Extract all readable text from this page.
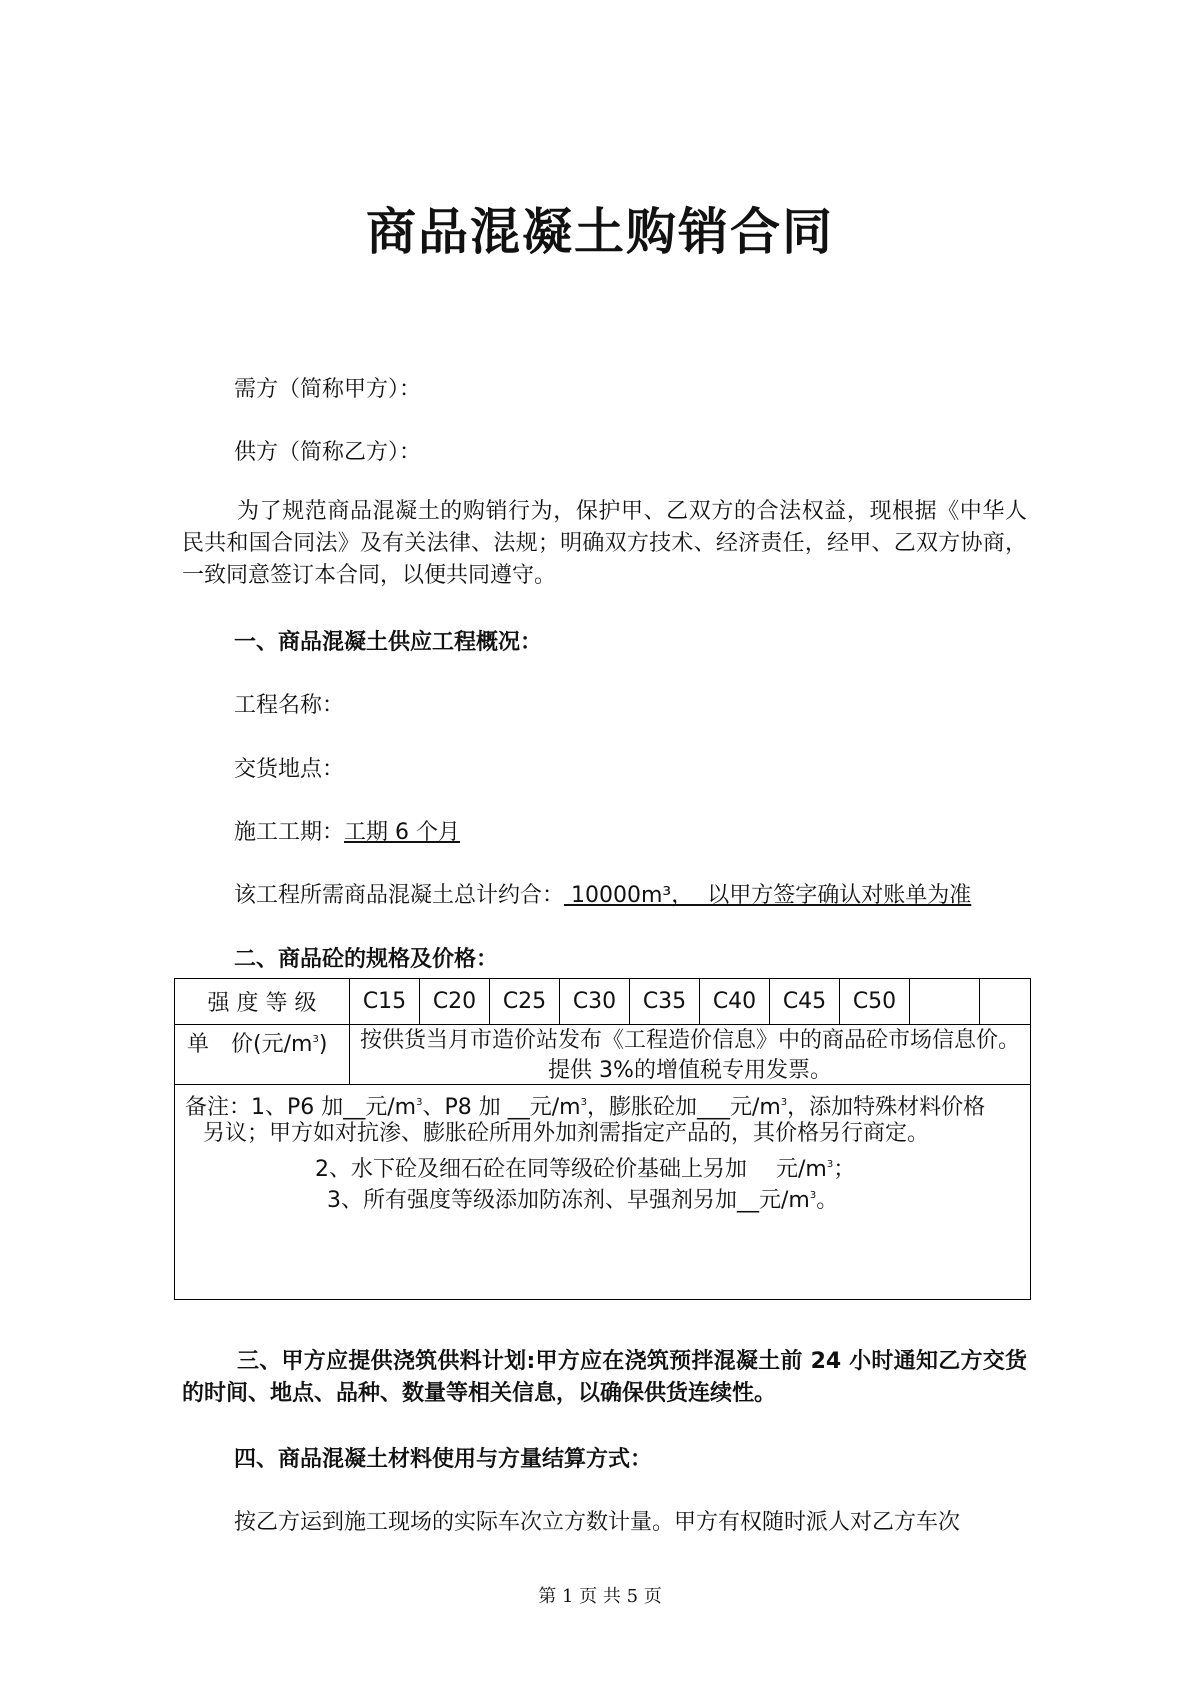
商品混凝土购销合同
需方（简称甲方）：
供方（简称乙方）：
为了规范商品混凝土的购销行为，保护甲、乙双方的合法权益，现根据《中华人民共和国合同法》及有关法律、法规；明确双方技术、经济责任，经甲、乙双方协商，一致同意签订本合同，以便共同遵守。
一、商品混凝土供应工程概况：
工程名称：
交货地点：
施工工期：工期 6 个月
该工程所需商品混凝土总计约合： 10000m³，  以甲方签字确认对账单为准
二、商品砼的规格及价格：
强 度 等 级	C15	C20	C25	C30	C35	C40	C45	C50
单　价(元$/m^3$)	按供货当月市造价站发布《工程造价信息》中的商品砼市场信息价。提供 3%的增值税专用发票。
备注：1、P6 加__元$/m^3$、P8 加 __元$/m^3$，膨胀砼加___元$/m^3$，添加特殊材料价格
另议；甲方如对抗渗、膨胀砼所用外加剂需指定产品的，其价格另行商定。
2、水下砼及细石砼在同等级砼价基础上另加　 元$/m^3$；
3、所有强度等级添加防冻剂、早强剂另加__元$/m^3$。
三、甲方应提供浇筑供料计划:甲方应在浇筑预拌混凝土前 24 小时通知乙方交货的时间、地点、品种、数量等相关信息，以确保供货连续性。
四、商品混凝土材料使用与方量结算方式：
按乙方运到施工现场的实际车次立方数计量。甲方有权随时派人对乙方车次
第 1 页 共 5 页
